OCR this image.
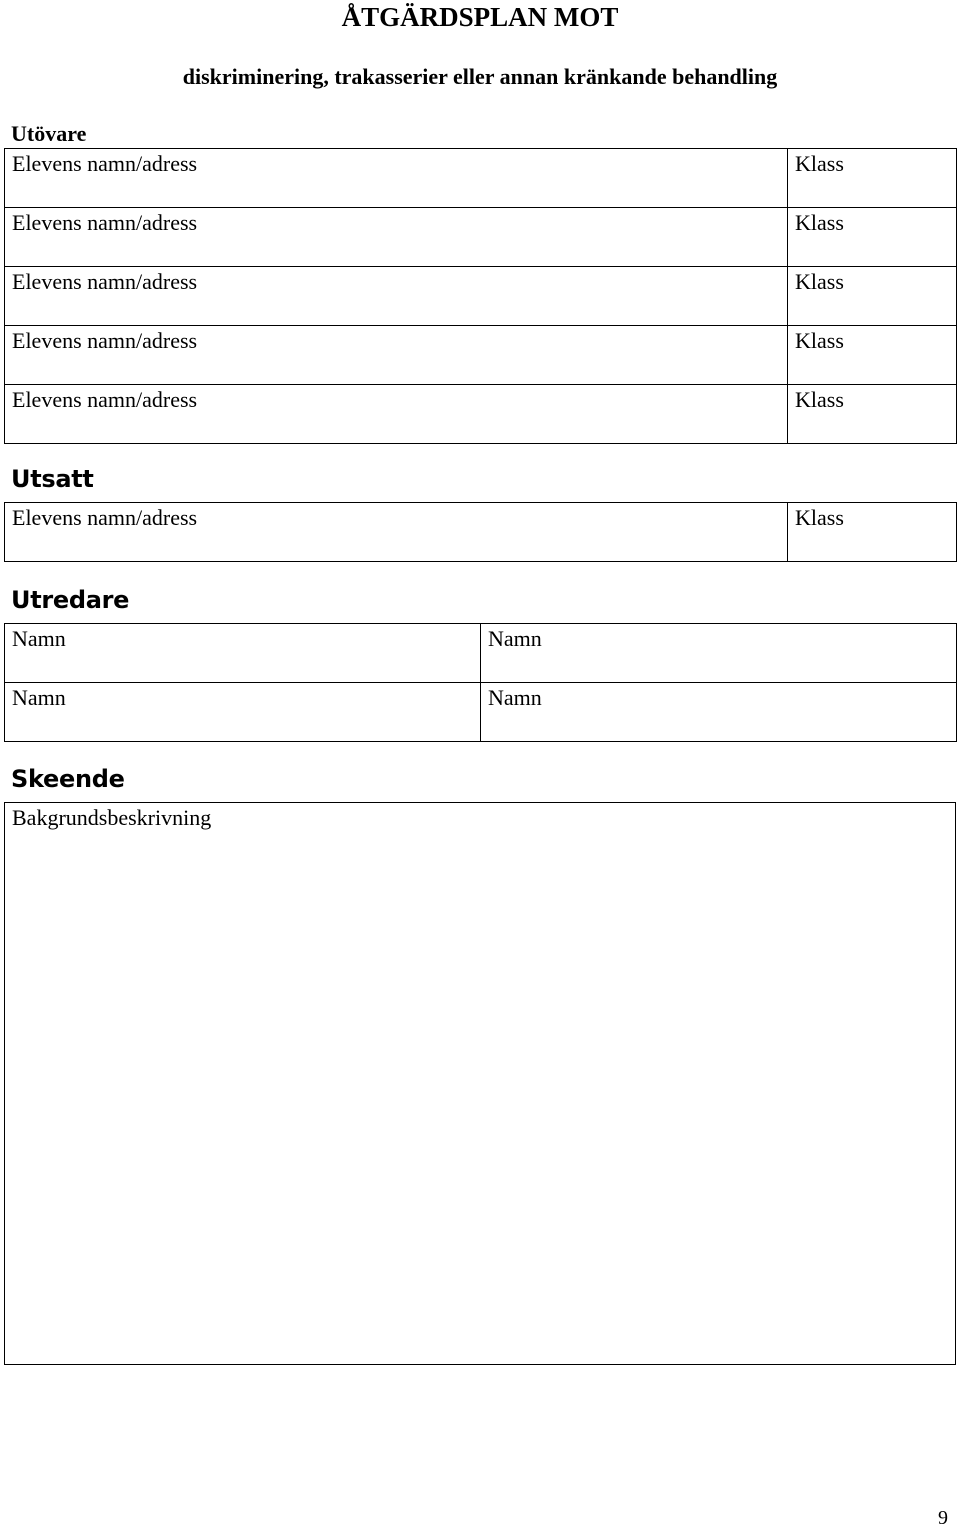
ÅTGÄRDSPLAN MOT
diskriminering, trakasserier eller annan kränkande behandling
Utövare
Elevens namn/adress	Klass

Elevens namn/adress	Klass

Elevens namn/adress	Klass

Elevens namn/adress	Klass

Elevens namn/adress	Klass
Utsatt
Elevens namn/adress	Klass
Utredare
Namn	Namn

Namn	Namn
Skeende
Bakgrundsbeskrivning
9
